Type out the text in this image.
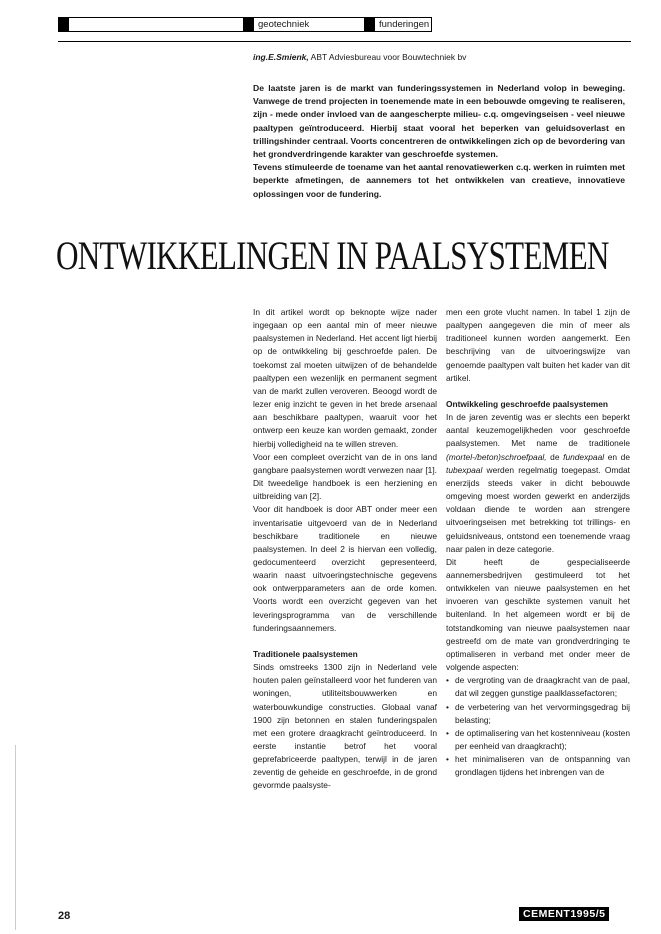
geotechniek	funderingen
ing.E.Smienk, ABT Adviesbureau voor Bouwtechniek bv

De laatste jaren is de markt van funderingssystemen in Nederland volop in beweging. Vanwege de trend projecten in toenemende mate in een bebouwde omgeving te realiseren, zijn - mede onder invloed van de aangescherpte milieu- c.q. omgevingseisen - veel nieuwe paaltypen geïntroduceerd. Hierbij staat vooral het beperken van geluidsoverlast en trillingshinder centraal. Voorts concentreren de ontwikkelingen zich op de bevordering van het grondverdringende karakter van geschroefde systemen.

Tevens stimuleerde de toename van het aantal renovatiewerken c.q. werken in ruimten met beperkte afmetingen, de aannemers tot het ontwikkelen van creatieve, innovatieve oplossingen voor de fundering.

ONTWIKKELINGEN IN PAALSYSTEMEN

In dit artikel wordt op beknopte wijze nader ingegaan op een aantal min of meer nieuwe paalsystemen in Nederland. Het accent ligt hierbij op de ontwikkeling bij geschroefde palen. De toekomst zal moeten uitwijzen of de behandelde paaltypen een wezenlijk en permanent segment van de markt zullen veroveren. Beoogd wordt de lezer enig inzicht te geven in het brede arsenaal aan beschikbare paaltypen, waaruit voor het ontwerp een keuze kan worden gemaakt, zonder hierbij volledigheid na te willen streven.

Voor een compleet overzicht van de in ons land gangbare paalsystemen wordt verwezen naar [1]. Dit tweedelige handboek is een herziening en uitbreiding van [2].

Voor dit handboek is door ABT onder meer een inventarisatie uitgevoerd van de in Nederland beschikbare traditionele en nieuwe paalsystemen. In deel 2 is hiervan een volledig, gedocumenteerd overzicht gepresenteerd, waarin naast uitvoeringstechnische gegevens ook ontwerpparameters aan de orde komen. Voorts wordt een overzicht gegeven van het leveringsprogramma van de verschillende funderingsaannemers.

Traditionele paalsystemen

Sinds omstreeks 1300 zijn in Nederland vele houten palen geïnstalleerd voor het funderen van woningen, utiliteitsbouwwerken en waterbouwkundige constructies. Globaal vanaf 1900 zijn betonnen en stalen funderingspalen met een grotere draagkracht geïntroduceerd. In eerste instantie betrof het vooral geprefabriceerde paaltypen, terwijl in de jaren zeventig de geheide en geschroefde, in de grond gevormde paalsyste-

men een grote vlucht namen. In tabel 1 zijn de paaltypen aangegeven die min of meer als traditioneel kunnen worden aangemerkt. Een beschrijving van de uitvoeringswijze van genoemde paaltypen valt buiten het kader van dit artikel.

Ontwikkeling geschroefde paalsystemen

In de jaren zeventig was er slechts een beperkt aantal keuzemogelijkheden voor geschroefde paalsystemen. Met name de traditionele (mortel-/beton)schroefpaal, de fundexpaal en de tubexpaal werden regelmatig toegepast. Omdat enerzijds steeds vaker in dicht bebouwde omgeving moest worden gewerkt en anderzijds voldaan diende te worden aan strengere uitvoeringseisen met betrekking tot trillings- en geluidsniveaus, ontstond een toenemende vraag naar palen in deze categorie.

Dit heeft de gespecialiseerde aannemersbedrijven gestimuleerd tot het ontwikkelen van nieuwe paalsystemen en het invoeren van geschikte systemen vanuit het buitenland. In het algemeen wordt er bij de totstandkoming van nieuwe paalsystemen naar gestreefd om de mate van grondverdringing te optimaliseren in verband met onder meer de volgende aspecten:

• de vergroting van de draagkracht van de paal, dat wil zeggen gunstige paalklassefactoren;
• de verbetering van het vervormingsgedrag bij belasting;
• de optimalisering van het kostenniveau (kosten per eenheid van draagkracht);
• het minimaliseren van de ontspanning van grondlagen tijdens het inbrengen van de
28	CEMENT1995/5
